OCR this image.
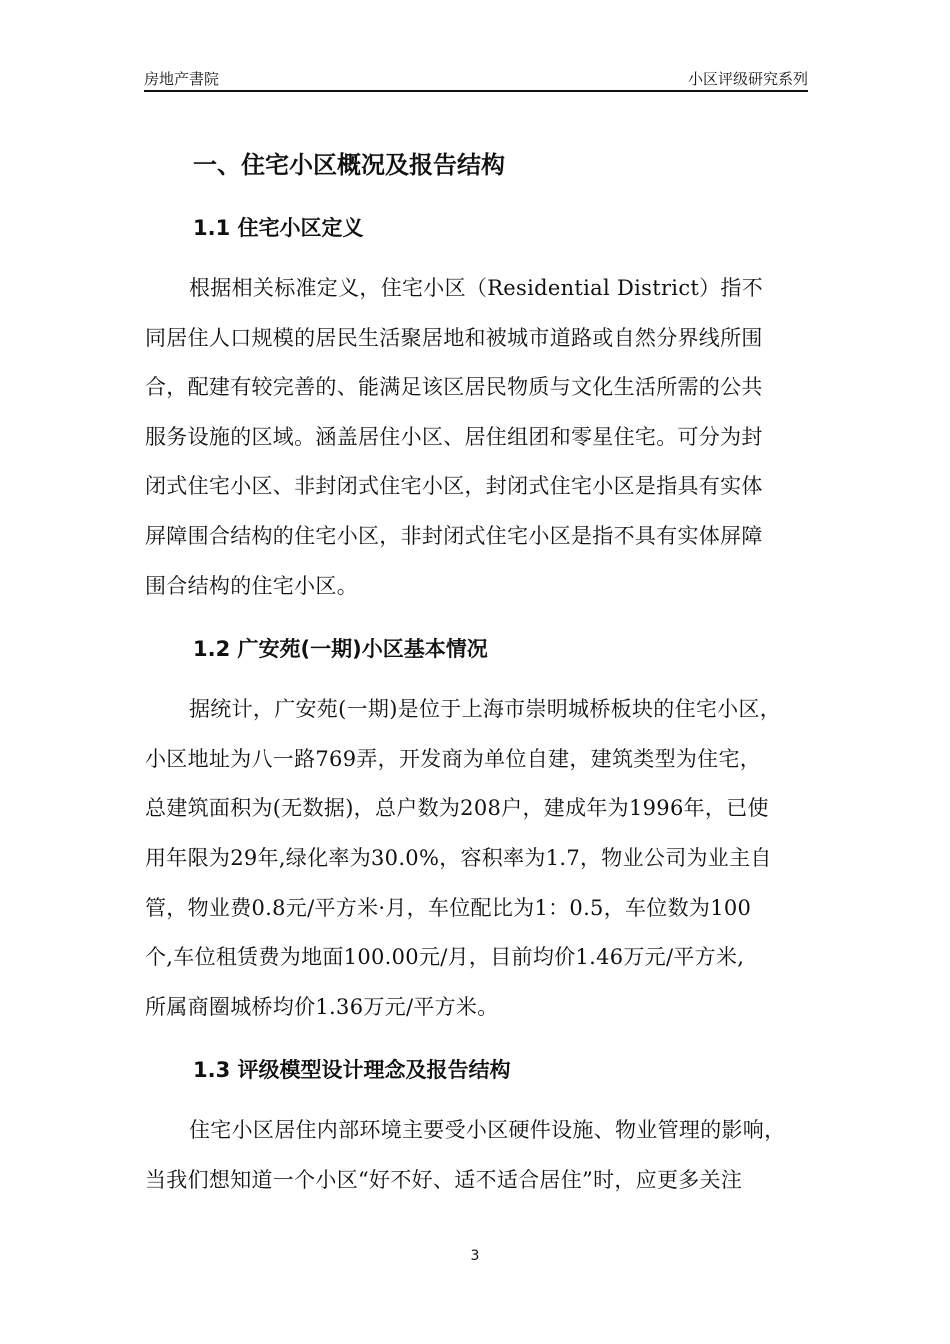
房地产書院	小区评级研究系列
一、住宅小区概况及报告结构
1.1 住宅小区定义
根据相关标准定义，住宅小区（Residential District）指不
同居住人口规模的居民生活聚居地和被城市道路或自然分界线所围
合，配建有较完善的、能满足该区居民物质与文化生活所需的公共
服务设施的区域。涵盖居住小区、居住组团和零星住宅。可分为封
闭式住宅小区、非封闭式住宅小区，封闭式住宅小区是指具有实体
屏障围合结构的住宅小区，非封闭式住宅小区是指不具有实体屏障
围合结构的住宅小区。
1.2 广安苑(一期)小区基本情况
据统计，广安苑(一期)是位于上海市崇明城桥板块的住宅小区，
小区地址为八一路769弄，开发商为单位自建，建筑类型为住宅，
总建筑面积为(无数据)，总户数为208户，建成年为1996年，已使
用年限为29年,绿化率为30.0%，容积率为1.7，物业公司为业主自
管，物业费0.8元/平方米·月，车位配比为1：0.5，车位数为100
个,车位租赁费为地面100.00元/月，目前均价1.46万元/平方米,
所属商圈城桥均价1.36万元/平方米。
1.3 评级模型设计理念及报告结构
住宅小区居住内部环境主要受小区硬件设施、物业管理的影响，
当我们想知道一个小区“好不好、适不适合居住”时，应更多关注
3
